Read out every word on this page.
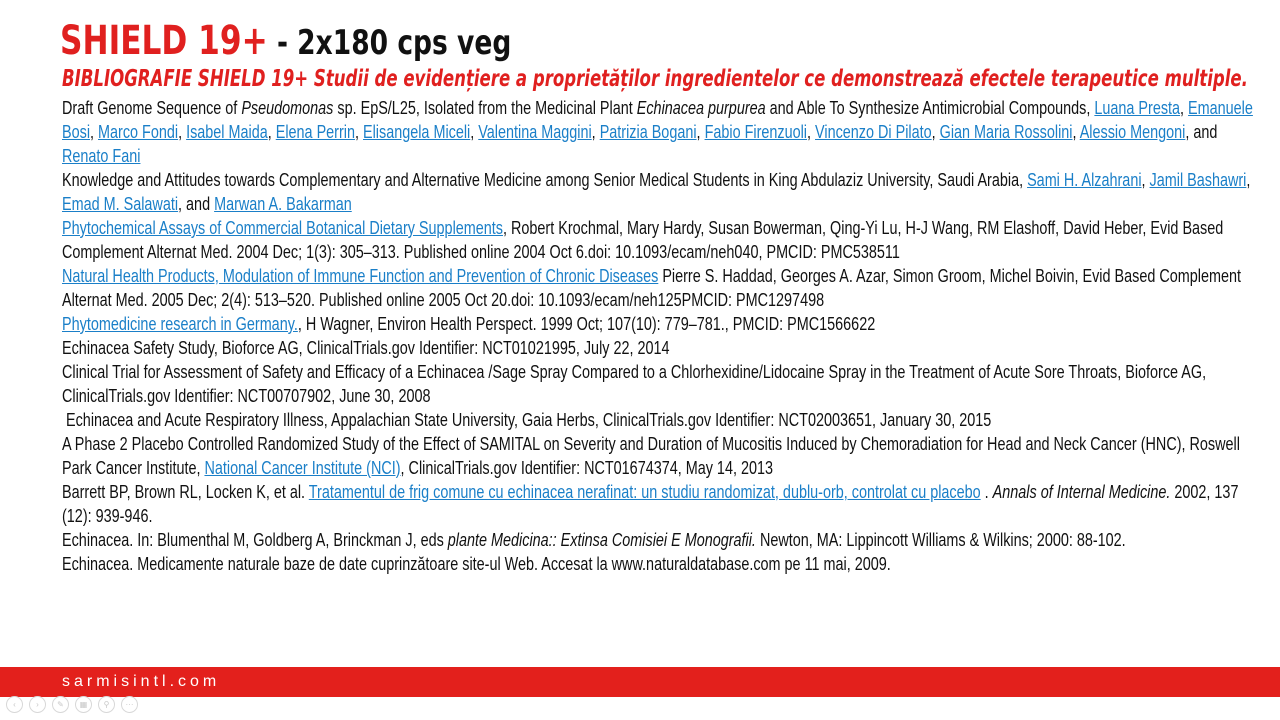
SHIELD 19+ - 2x180 cps veg
BIBLIOGRAFIE SHIELD 19+ Studii de evidențiere a proprietăților ingredientelor ce demonstrează efectele terapeutice multiple.

Draft Genome Sequence of Pseudomonas sp. EpS/L25, Isolated from the Medicinal Plant Echinacea purpurea and Able To Synthesize Antimicrobial Compounds, Luana Presta, Emanuele Bosi, Marco Fondi, Isabel Maida, Elena Perrin, Elisangela Miceli, Valentina Maggini, Patrizia Bogani, Fabio Firenzuoli, Vincenzo Di Pilato, Gian Maria Rossolini, Alessio Mengoni, and Renato Fani

Knowledge and Attitudes towards Complementary and Alternative Medicine among Senior Medical Students in King Abdulaziz University, Saudi Arabia, Sami H. Alzahrani, Jamil Bashawri, Emad M. Salawati, and Marwan A. Bakarman

Phytochemical Assays of Commercial Botanical Dietary Supplements, Robert Krochmal, Mary Hardy, Susan Bowerman, Qing-Yi Lu, H-J Wang, RM Elashoff, David Heber, Evid Based Complement Alternat Med. 2004 Dec; 1(3): 305–313. Published online 2004 Oct 6.doi: 10.1093/ecam/neh040, PMCID: PMC538511

Natural Health Products, Modulation of Immune Function and Prevention of Chronic Diseases Pierre S. Haddad, Georges A. Azar, Simon Groom, Michel Boivin, Evid Based Complement Alternat Med. 2005 Dec; 2(4): 513–520. Published online 2005 Oct 20.doi: 10.1093/ecam/neh125PMCID: PMC1297498

Phytomedicine research in Germany., H Wagner, Environ Health Perspect. 1999 Oct; 107(10): 779–781., PMCID: PMC1566622

Echinacea Safety Study, Bioforce AG, ClinicalTrials.gov Identifier: NCT01021995, July 22, 2014

Clinical Trial for Assessment of Safety and Efficacy of a Echinacea /Sage Spray Compared to a Chlorhexidine/Lidocaine Spray in the Treatment of Acute Sore Throats, Bioforce AG, ClinicalTrials.gov Identifier: NCT00707902, June 30, 2008

Echinacea and Acute Respiratory Illness, Appalachian State University, Gaia Herbs, ClinicalTrials.gov Identifier: NCT02003651, January 30, 2015

A Phase 2 Placebo Controlled Randomized Study of the Effect of SAMITAL on Severity and Duration of Mucositis Induced by Chemoradiation for Head and Neck Cancer (HNC), Roswell Park Cancer Institute, National Cancer Institute (NCI), ClinicalTrials.gov Identifier: NCT01674374, May 14, 2013

Barrett BP, Brown RL, Locken K, et al. Tratamentul de frig comune cu echinacea nerafinat: un studiu randomizat, dublu-orb, controlat cu placebo . Annals of Internal Medicine. 2002, 137 (12): 939-946.

Echinacea. In: Blumenthal M, Goldberg A, Brinckman J, eds plante Medicina:: Extinsa Comisiei E Monografii. Newton, MA: Lippincott Williams & Wilkins; 2000: 88-102.

Echinacea. Medicamente naturale baze de date cuprinzătoare site-ul Web. Accesat la www.naturaldatabase.com pe 11 mai, 2009.

sarmisintl.com
‹	›	✎	▦	⚲	···
